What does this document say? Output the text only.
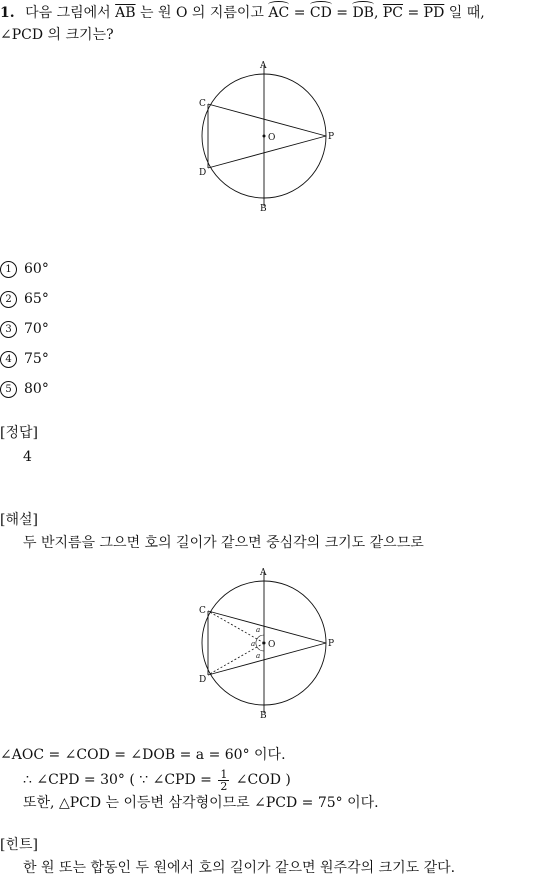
1. 다음 그림에서 $\overline{AB}$ 는 원 O 의 지름이고 AC = CD = DB, $\overline{PC} = \overline{PD}$ 일 때,
∠PCD 의 크기는?
A
B
C
D
O	P
1 60°
2 65°
3 70°
4 75°
5 80°
[정답]
4
[해설]
두 반지름을 그으면 호의 길이가 같으면 중심각의 크기도 같으므로
a
a
a
A
B
C
D
O	P
∠AOC = ∠COD = ∠DOB = a = 60° 이다.
∴ ∠CPD = 30° ( ∵ ∠CPD = $\frac{1}{2}$ ∠COD )
또한, △PCD 는 이등변 삼각형이므로 ∠PCD = 75° 이다.
[힌트]
한 원 또는 합동인 두 원에서 호의 길이가 같으면 원주각의 크기도 같다.
